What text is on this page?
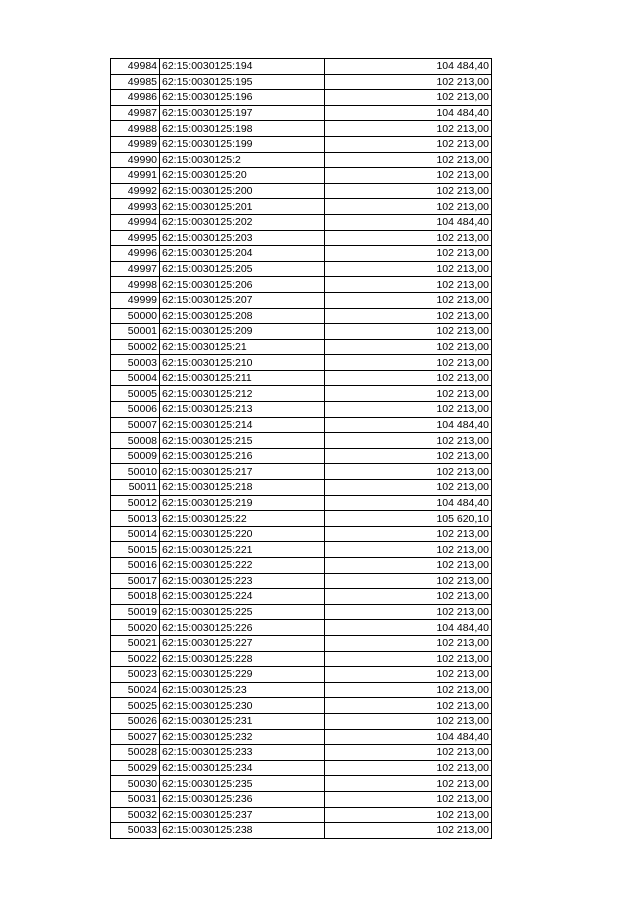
49984	62:15:0030125:194	104 484,40
49985	62:15:0030125:195	102 213,00
49986	62:15:0030125:196	102 213,00
49987	62:15:0030125:197	104 484,40
49988	62:15:0030125:198	102 213,00
49989	62:15:0030125:199	102 213,00
49990	62:15:0030125:2	102 213,00
49991	62:15:0030125:20	102 213,00
49992	62:15:0030125:200	102 213,00
49993	62:15:0030125:201	102 213,00
49994	62:15:0030125:202	104 484,40
49995	62:15:0030125:203	102 213,00
49996	62:15:0030125:204	102 213,00
49997	62:15:0030125:205	102 213,00
49998	62:15:0030125:206	102 213,00
49999	62:15:0030125:207	102 213,00
50000	62:15:0030125:208	102 213,00
50001	62:15:0030125:209	102 213,00
50002	62:15:0030125:21	102 213,00
50003	62:15:0030125:210	102 213,00
50004	62:15:0030125:211	102 213,00
50005	62:15:0030125:212	102 213,00
50006	62:15:0030125:213	102 213,00
50007	62:15:0030125:214	104 484,40
50008	62:15:0030125:215	102 213,00
50009	62:15:0030125:216	102 213,00
50010	62:15:0030125:217	102 213,00
50011	62:15:0030125:218	102 213,00
50012	62:15:0030125:219	104 484,40
50013	62:15:0030125:22	105 620,10
50014	62:15:0030125:220	102 213,00
50015	62:15:0030125:221	102 213,00
50016	62:15:0030125:222	102 213,00
50017	62:15:0030125:223	102 213,00
50018	62:15:0030125:224	102 213,00
50019	62:15:0030125:225	102 213,00
50020	62:15:0030125:226	104 484,40
50021	62:15:0030125:227	102 213,00
50022	62:15:0030125:228	102 213,00
50023	62:15:0030125:229	102 213,00
50024	62:15:0030125:23	102 213,00
50025	62:15:0030125:230	102 213,00
50026	62:15:0030125:231	102 213,00
50027	62:15:0030125:232	104 484,40
50028	62:15:0030125:233	102 213,00
50029	62:15:0030125:234	102 213,00
50030	62:15:0030125:235	102 213,00
50031	62:15:0030125:236	102 213,00
50032	62:15:0030125:237	102 213,00
50033	62:15:0030125:238	102 213,00
